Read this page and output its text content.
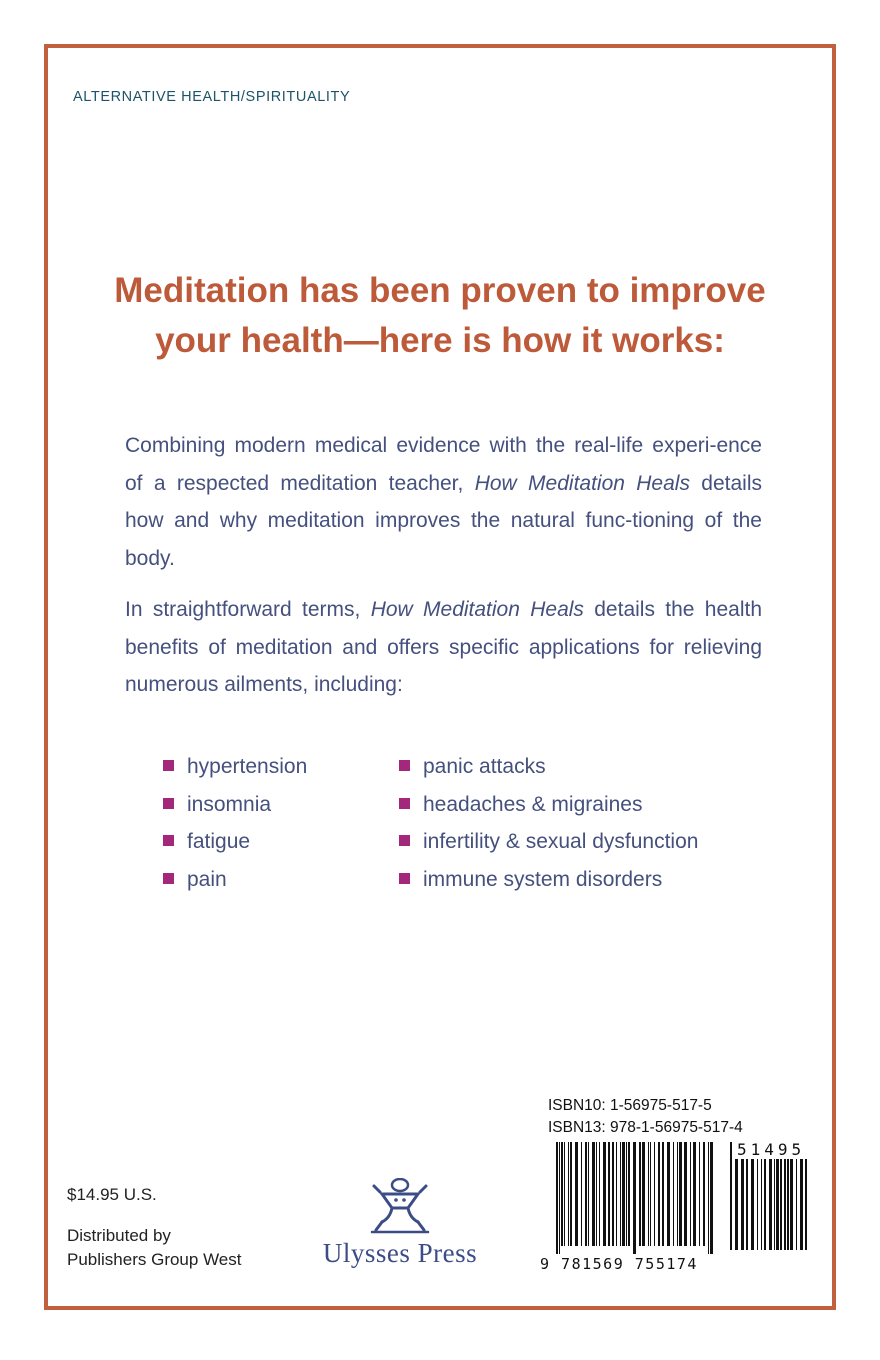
ALTERNATIVE HEALTH/SPIRITUALITY
Meditation has been proven to improve
your health—here is how it works:
Combining modern medical evidence with the real-life experi-ence of a respected meditation teacher, How Meditation Heals details how and why meditation improves the natural func-tioning of the body.
In straightforward terms, How Meditation Heals details the health benefits of meditation and offers specific applications for relieving numerous ailments, including:
hypertension
insomnia
fatigue
pain
panic attacks
headaches & migraines
infertility & sexual dysfunction
immune system disorders
$14.95 U.S.
Distributed by
Publishers Group West	Ulysses Press
ISBN10: 1-56975-517-5
ISBN13: 978-1-56975-517-4
51495
9 781569 755174
